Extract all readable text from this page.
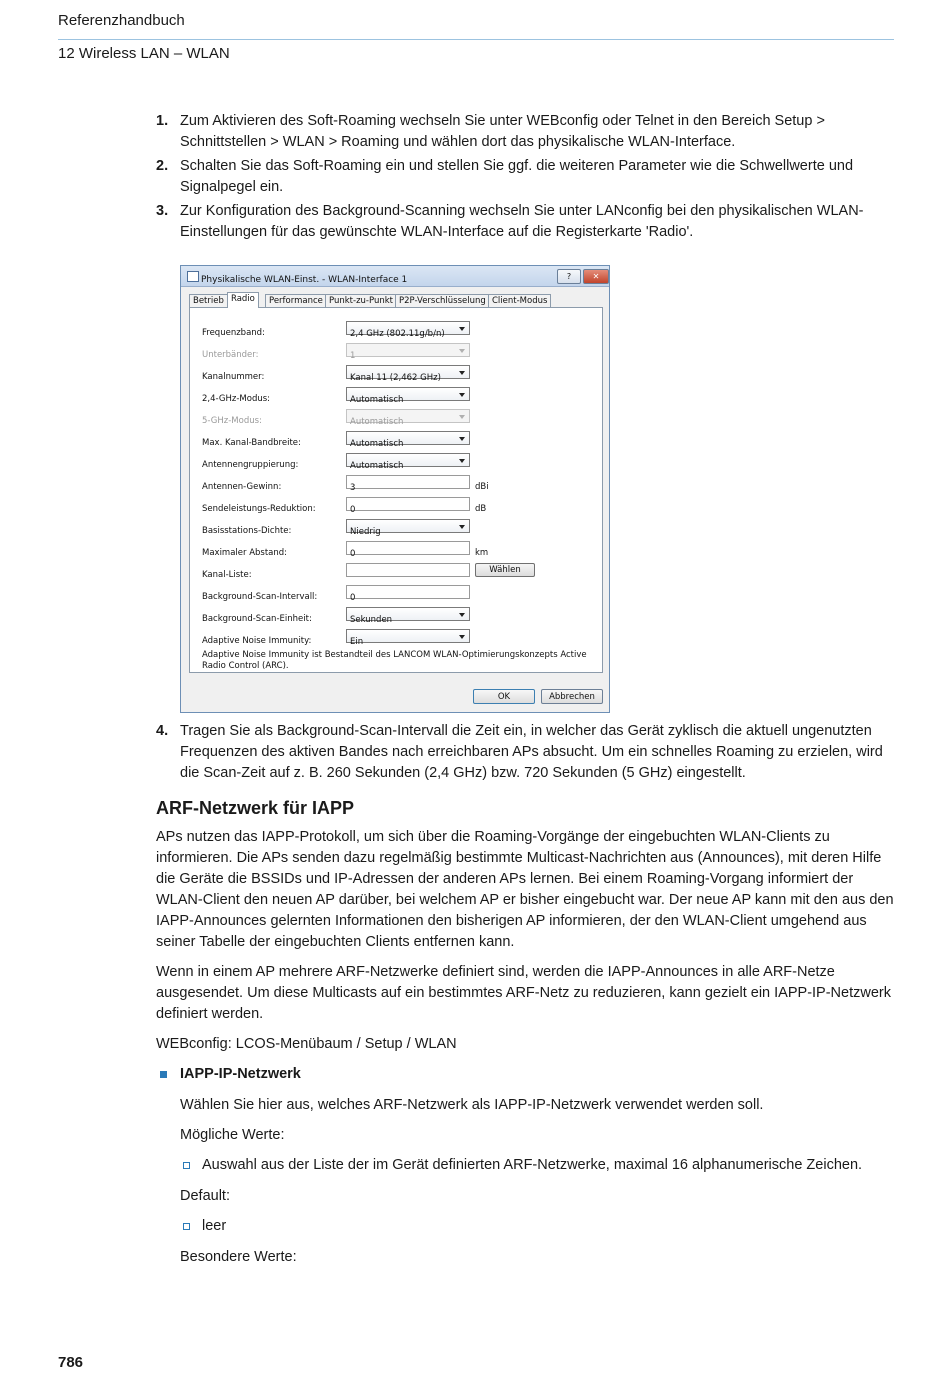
Referenzhandbuch
12 Wireless LAN – WLAN
1. Zum Aktivieren des Soft-Roaming wechseln Sie unter WEBconfig oder Telnet in den Bereich Setup > Schnittstellen > WLAN > Roaming und wählen dort das physikalische WLAN-Interface.
2. Schalten Sie das Soft-Roaming ein und stellen Sie ggf. die weiteren Parameter wie die Schwellwerte und Signalpegel ein.
3. Zur Konfiguration des Background-Scanning wechseln Sie unter LANconfig bei den physikalischen WLAN-Einstellungen für das gewünschte WLAN-Interface auf die Registerkarte 'Radio'.
Physikalische WLAN-Einst. - WLAN-Interface 1	?	✕
Betrieb Radio	Performance Punkt-zu-Punkt P2P-Verschlüsselung Client-Modus
Frequenzband:	2,4 GHz (802.11g/b/n)
Unterbänder:	1
Kanalnummer:	Kanal 11 (2,462 GHz)
2,4-GHz-Modus:	Automatisch
5-GHz-Modus:	Automatisch
Max. Kanal-Bandbreite:	Automatisch
Antennengruppierung:	Automatisch
Antennen-Gewinn:	3	dBi
Sendeleistungs-Reduktion:	0	dB
Basisstations-Dichte:	Niedrig
Maximaler Abstand:	0	km
Kanal-Liste:	Wählen
Background-Scan-Intervall:	0
Background-Scan-Einheit:	Sekunden
Adaptive Noise Immunity:	Ein
Adaptive Noise Immunity ist Bestandteil des LANCOM WLAN-Optimierungskonzepts Active Radio Control (ARC).
OK	Abbrechen
4. Tragen Sie als Background-Scan-Intervall die Zeit ein, in welcher das Gerät zyklisch die aktuell ungenutzten Frequenzen des aktiven Bandes nach erreichbaren APs absucht. Um ein schnelles Roaming zu erzielen, wird die Scan-Zeit auf z. B. 260 Sekunden (2,4 GHz) bzw. 720 Sekunden (5 GHz) eingestellt.
ARF-Netzwerk für IAPP

APs nutzen das IAPP-Protokoll, um sich über die Roaming-Vorgänge der eingebuchten WLAN-Clients zu informieren. Die APs senden dazu regelmäßig bestimmte Multicast-Nachrichten aus (Announces), mit deren Hilfe die Geräte die BSSIDs und IP-Adressen der anderen APs lernen. Bei einem Roaming-Vorgang informiert der WLAN-Client den neuen AP darüber, bei welchem AP er bisher eingebucht war. Der neue AP kann mit den aus den IAPP-Announces gelernten Informationen den bisherigen AP informieren, der den WLAN-Client umgehend aus seiner Tabelle der eingebuchten Clients entfernen kann.

Wenn in einem AP mehrere ARF-Netzwerke definiert sind, werden die IAPP-Announces in alle ARF-Netze ausgesendet. Um diese Multicasts auf ein bestimmtes ARF-Netz zu reduzieren, kann gezielt ein IAPP-IP-Netzwerk definiert werden.

WEBconfig: LCOS-Menübaum / Setup / WLAN

IAPP-IP-Netzwerk

Wählen Sie hier aus, welches ARF-Netzwerk als IAPP-IP-Netzwerk verwendet werden soll.

Mögliche Werte:

Auswahl aus der Liste der im Gerät definierten ARF-Netzwerke, maximal 16 alphanumerische Zeichen.

Default:

leer

Besondere Werte:

786
